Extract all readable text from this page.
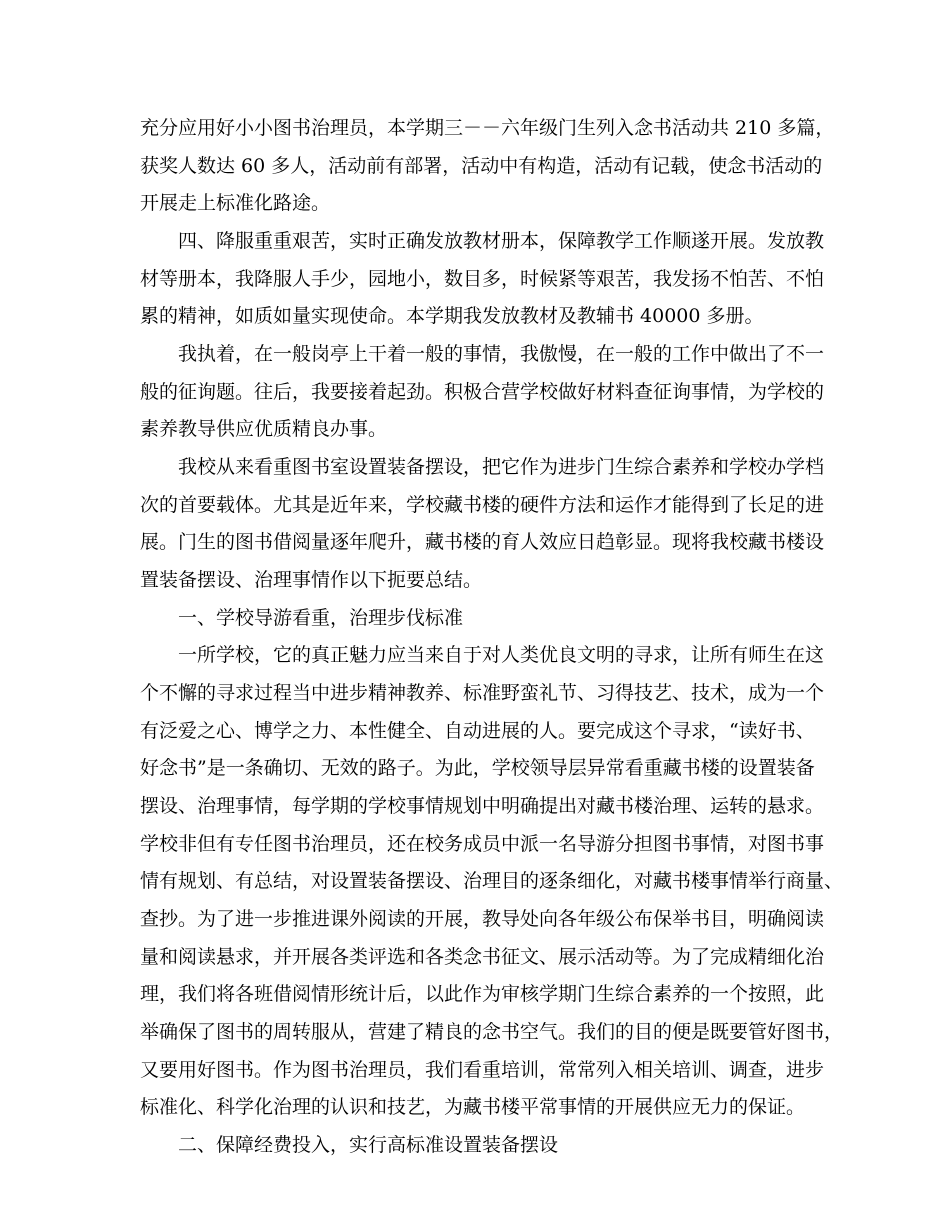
充分应用好小小图书治理员，本学期三－－六年级门生列入念书活动共 210 多篇，
获奖人数达 60 多人，活动前有部署，活动中有构造，活动有记载，使念书活动的
开展走上标准化路途。
四、降服重重艰苦，实时正确发放教材册本，保障教学工作顺遂开展。发放教
材等册本，我降服人手少，园地小，数目多，时候紧等艰苦，我发扬不怕苦、不怕
累的精神，如质如量实现使命。本学期我发放教材及教辅书 40000 多册。
我执着，在一般岗亭上干着一般的事情，我傲慢，在一般的工作中做出了不一
般的征询题。往后，我要接着起劲。积极合营学校做好材料查征询事情，为学校的
素养教导供应优质精良办事。
我校从来看重图书室设置装备摆设，把它作为进步门生综合素养和学校办学档
次的首要载体。尤其是近年来，学校藏书楼的硬件方法和运作才能得到了长足的进
展。门生的图书借阅量逐年爬升，藏书楼的育人效应日趋彰显。现将我校藏书楼设
置装备摆设、治理事情作以下扼要总结。
一、学校导游看重，治理步伐标准
一所学校，它的真正魅力应当来自于对人类优良文明的寻求，让所有师生在这
个不懈的寻求过程当中进步精神教养、标准野蛮礼节、习得技艺、技术，成为一个
有泛爱之心、博学之力、本性健全、自动进展的人。要完成这个寻求，“读好书、
好念书”是一条确切、无效的路子。为此，学校领导层异常看重藏书楼的设置装备
摆设、治理事情，每学期的学校事情规划中明确提出对藏书楼治理、运转的悬求。
学校非但有专任图书治理员，还在校务成员中派一名导游分担图书事情，对图书事
情有规划、有总结，对设置装备摆设、治理目的逐条细化，对藏书楼事情举行商量、
查抄。为了进一步推进课外阅读的开展，教导处向各年级公布保举书目，明确阅读
量和阅读悬求，并开展各类评选和各类念书征文、展示活动等。为了完成精细化治
理，我们将各班借阅情形统计后，以此作为审核学期门生综合素养的一个按照，此
举确保了图书的周转服从，营建了精良的念书空气。我们的目的便是既要管好图书，
又要用好图书。作为图书治理员，我们看重培训，常常列入相关培训、调查，进步
标准化、科学化治理的认识和技艺，为藏书楼平常事情的开展供应无力的保证。
二、保障经费投入，实行高标准设置装备摆设
